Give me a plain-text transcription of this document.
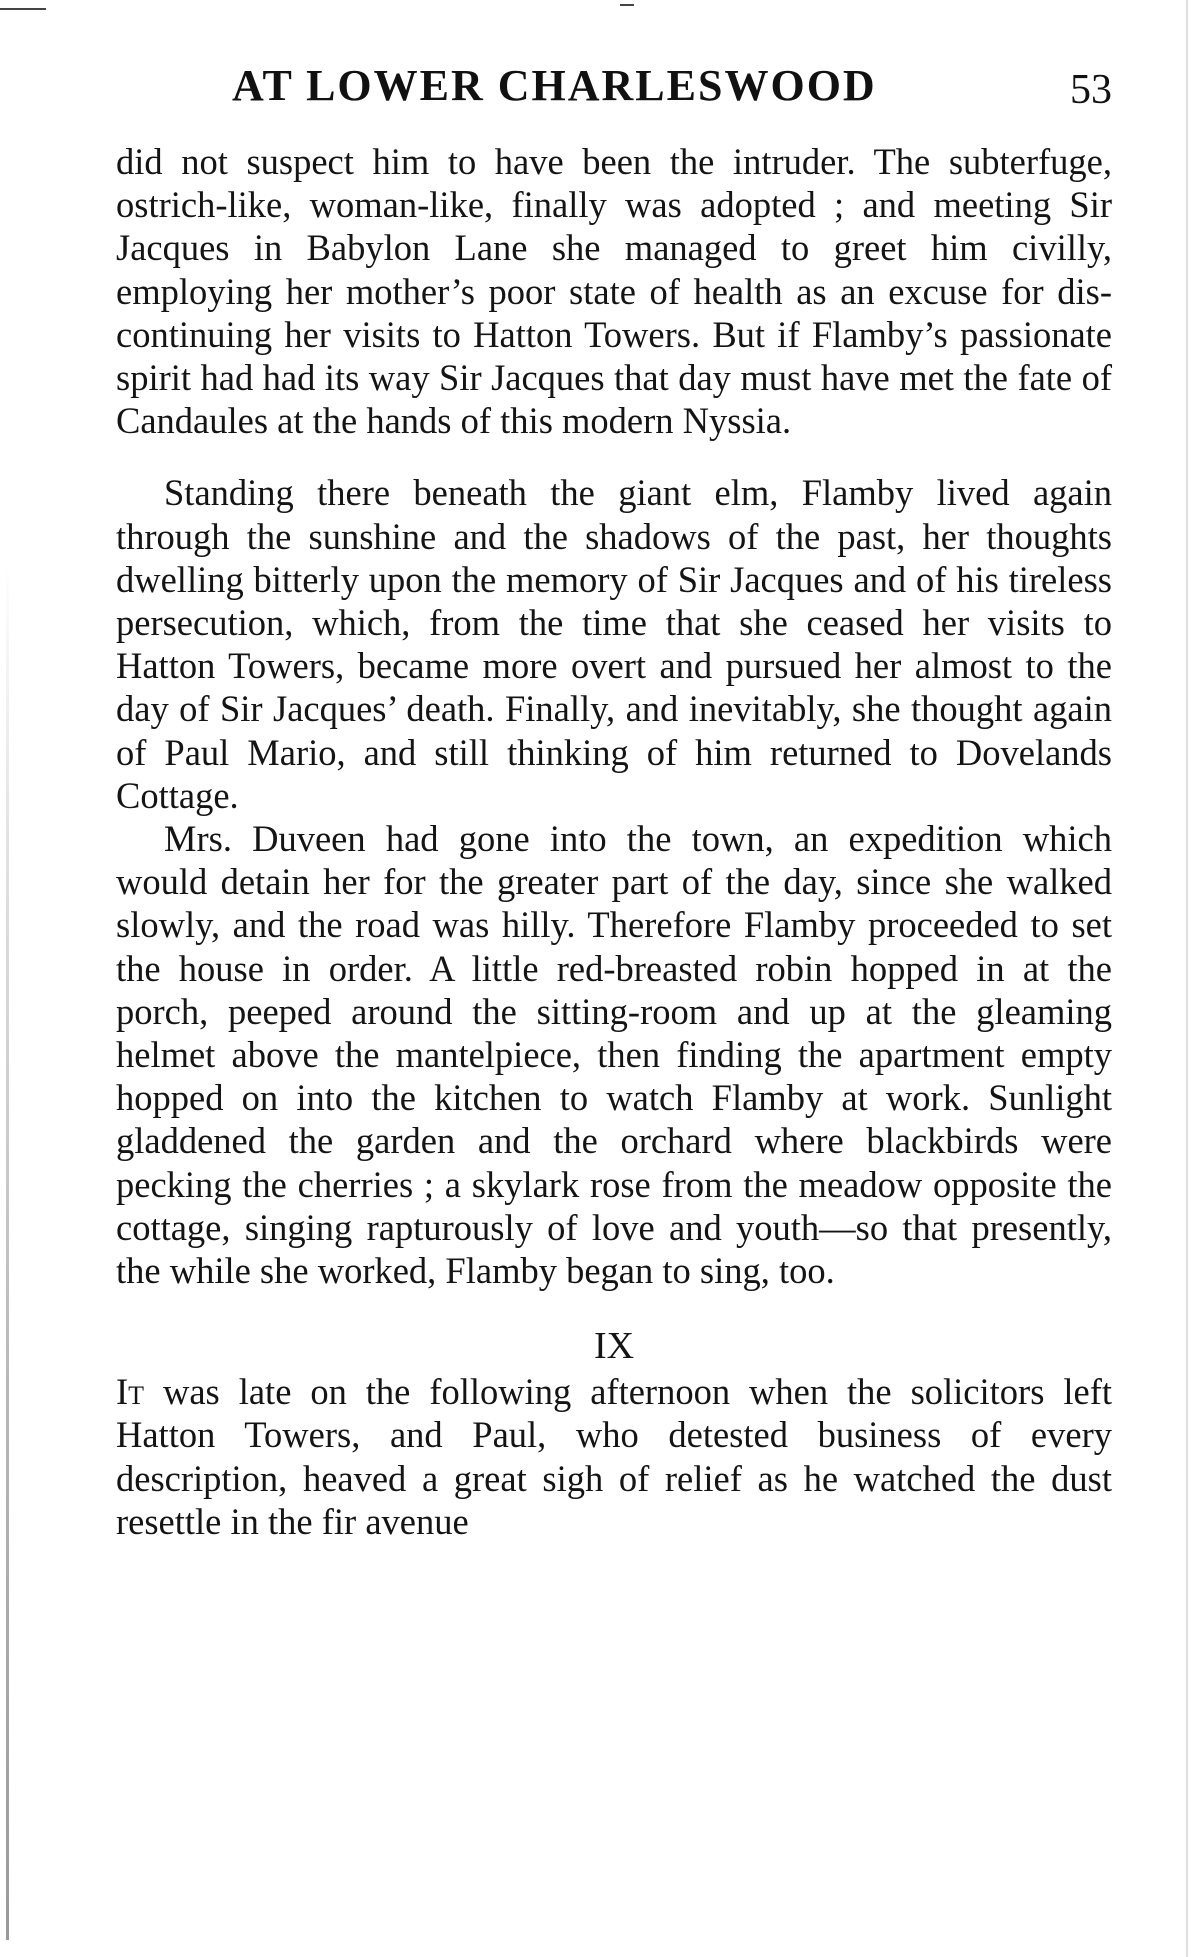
AT LOWER CHARLESWOOD	53

did not suspect him to have been the intruder. The subterfuge, ostrich-like, woman-like, finally was adopted ; and meeting Sir Jacques in Babylon Lane she managed to greet him civilly, employing her mother’s poor state of health as an excuse for discontinuing her visits to Hatton Towers. But if Flamby’s passionate spirit had had its way Sir Jacques that day must have met the fate of Candaules at the hands of this modern Nyssia.

Standing there beneath the giant elm, Flamby lived again through the sunshine and the shadows of the past, her thoughts dwelling bitterly upon the memory of Sir Jacques and of his tireless persecution, which, from the time that she ceased her visits to Hatton Towers, became more overt and pursued her almost to the day of Sir Jacques’ death. Finally, and inevitably, she thought again of Paul Mario, and still thinking of him returned to Dovelands Cottage.

Mrs. Duveen had gone into the town, an expedition which would detain her for the greater part of the day, since she walked slowly, and the road was hilly. Therefore Flamby proceeded to set the house in order. A little red-breasted robin hopped in at the porch, peeped around the sitting-room and up at the gleaming helmet above the mantelpiece, then finding the apartment empty hopped on into the kitchen to watch Flamby at work. Sunlight gladdened the garden and the orchard where blackbirds were pecking the cherries ; a skylark rose from the meadow opposite the cottage, singing rapturously of love and youth—so that presently, the while she worked, Flamby began to sing, too.

IX

It was late on the following afternoon when the solicitors left Hatton Towers, and Paul, who detested business of every description, heaved a great sigh of relief as he watched the dust resettle in the fir avenue
